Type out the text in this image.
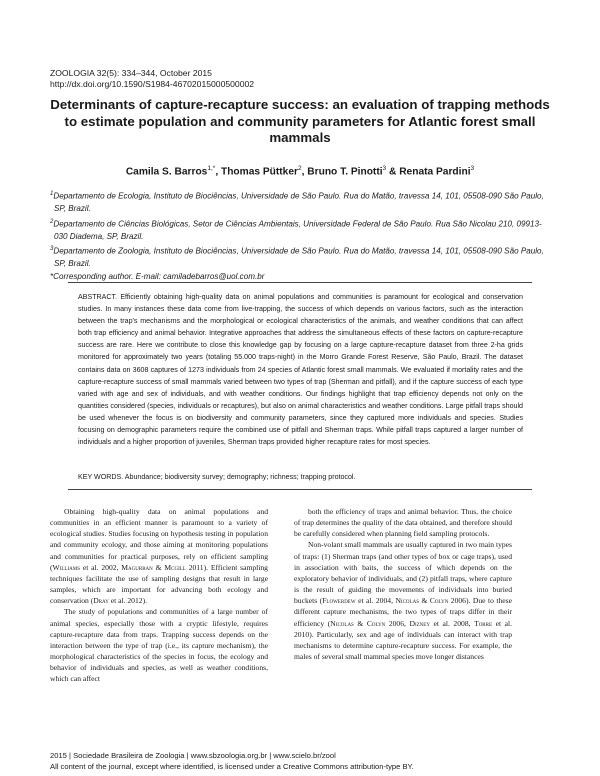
ZOOLOGIA 32(5): 334–344, October 2015
http://dx.doi.org/10.1590/S1984-46702015000500002
Determinants of capture-recapture success: an evaluation of trapping methods to estimate population and community parameters for Atlantic forest small mammals
Camila S. Barros$^{1,*}$, Thomas Püttker$^2$, Bruno T. Pinotti$^3$ & Renata Pardini$^3$
$^1$Departamento de Ecologia, Instituto de Biociências, Universidade de São Paulo. Rua do Matão, travessa 14, 101, 05508-090 São Paulo, SP, Brazil.
$^2$Departamento de Ciências Biológicas, Setor de Ciências Ambientais, Universidade Federal de São Paulo. Rua São Nicolau 210, 09913-030 Diadema, SP, Brazil.
$^3$Departamento de Zoologia, Instituto de Biociências, Universidade de São Paulo. Rua do Matão, travessa 14, 101, 05508-090 São Paulo, SP, Brazil.
*Corresponding author. E-mail: camiladebarros@uol.com.br
ABSTRACT. Efficiently obtaining high-quality data on animal populations and communities is paramount for ecological and conservation studies. In many instances these data come from live-trapping, the success of which depends on various factors, such as the interaction between the trap's mechanisms and the morphological or ecological characteristics of the animals, and weather conditions that can affect both trap efficiency and animal behavior. Integrative approaches that address the simultaneous effects of these factors on capture-recapture success are rare. Here we contribute to close this knowledge gap by focusing on a large capture-recapture dataset from three 2-ha grids monitored for approximately two years (totaling 55.000 traps-night) in the Morro Grande Forest Reserve, São Paulo, Brazil. The dataset contains data on 3608 captures of 1273 individuals from 24 species of Atlantic forest small mammals. We evaluated if mortality rates and the capture-recapture success of small mammals varied between two types of trap (Sherman and pitfall), and if the capture success of each type varied with age and sex of individuals, and with weather conditions. Our findings highlight that trap efficiency depends not only on the quantities considered (species, individuals or recaptures), but also on animal characteristics and weather conditions. Large pitfall traps should be used whenever the focus is on biodiversity and community parameters, since they captured more individuals and species. Studies focusing on demographic parameters require the combined use of pitfall and Sherman traps. While pitfall traps captured a larger number of individuals and a higher proportion of juveniles, Sherman traps provided higher recapture rates for most species.
KEY WORDS. Abundance; biodiversity survey; demography; richness; trapping protocol.

Obtaining high-quality data on animal populations and communities in an efficient manner is paramount to a variety of ecological studies. Studies focusing on hypothesis testing in population and community ecology, and those aiming at monitoring populations and communities for practical purposes, rely on efficient sampling (Williams et al. 2002, Magurran & Mcgill 2011). Efficient sampling techniques facilitate the use of sampling designs that result in large samples, which are important for advancing both ecology and conservation (Dray et al. 2012).

The study of populations and communities of a large number of animal species, especially those with a cryptic lifestyle, requires capture-recapture data from traps. Trapping success depends on the interaction between the type of trap (i.e., its capture mechanism), the morphological characteristics of the species in focus, the ecology and behavior of individuals and species, as well as weather conditions, which can affect

both the efficiency of traps and animal behavior. Thus, the choice of trap determines the quality of the data obtained, and therefore should be carefully considered when planning field sampling protocols.

Non-volant small mammals are usually captured in two main types of traps: (1) Sherman traps (and other types of box or cage traps), used in association with baits, the success of which depends on the exploratory behavior of individuals, and (2) pitfall traps, where capture is the result of guiding the movements of individuals into buried buckets (Flowerdew et al. 2004, Nicolas & Colyn 2006). Due to these different capture mechanisms, the two types of traps differ in their efficiency (Nicolas & Colyn 2006, Dizney et al. 2008, Torre et al. 2010). Particularly, sex and age of individuals can interact with trap mechanisms to determine capture-recapture success. For example, the males of several small mammal species move longer distances

2015 | Sociedade Brasileira de Zoologia | www.sbzoologia.org.br | www.scielo.br/zool
All content of the journal, except where identified, is licensed under a Creative Commons attribution-type BY.
